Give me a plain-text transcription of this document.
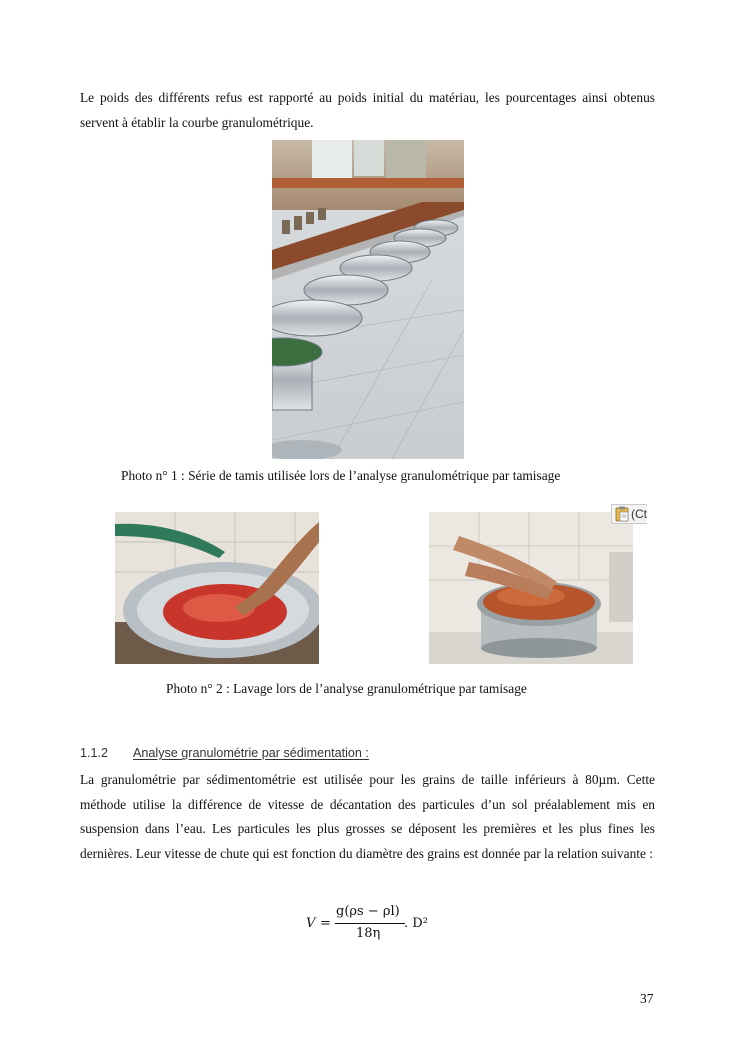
Le poids des différents refus est rapporté au poids initial du matériau, les pourcentages ainsi obtenus servent à établir la courbe granulométrique.

Photo n° 1 : Série de tamis utilisée lors de l’analyse granulométrique par tamisage
(Ct
Photo n° 2 : Lavage lors de l’analyse granulométrique par tamisage
1.1.2 Analyse granulométrie par sédimentation :

La granulométrie par sédimentométrie est utilisée pour les grains de taille inférieurs à 80µm. Cette méthode utilise la différence de vitesse de décantation des particules d’un sol préalablement mis en suspension dans l’eau. Les particules les plus grosses se déposent les premières et les plus fines les dernières. Leur vitesse de chute qui est fonction du diamètre des grains est donnée par la relation suivante :

V =
g(ρs − ρl)
18η
. D²
37
